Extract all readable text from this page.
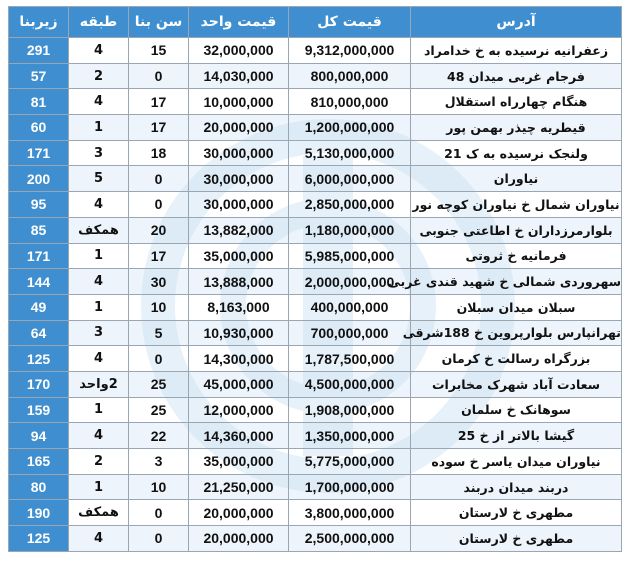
زیربنا	طبقه	سن بنا	قیمت واحد	قیمت کل	آدرس
291	4	15	32,000,000	9,312,000,000	زعفرانیه نرسیده به خ خدامراد
57	2	0	14,030,000	800,000,000	فرجام غربی میدان 48
81	4	17	10,000,000	810,000,000	هنگام چهارراه استقلال
60	1	17	20,000,000	1,200,000,000	قیطریه چیذر بهمن پور
171	3	18	30,000,000	5,130,000,000	ولنجک نرسیده به ک 21
200	5	0	30,000,000	6,000,000,000	نیاوران
95	4	0	30,000,000	2,850,000,000	نیاوران شمال خ نیاوران کوچه نور
85	همکف	20	13,882,000	1,180,000,000	بلوارمرزداران خ اطاعتی جنوبی
171	1	17	35,000,000	5,985,000,000	فرمانیه خ ثروتی
144	4	30	13,888,000	2,000,000,000	سهروردی شمالی خ شهید قندی غربی
49	1	10	8,163,000	400,000,000	سبلان میدان سبلان
64	3	5	10,930,000	700,000,000	تهرانپارس بلوارپروین خ 188شرقی
125	4	0	14,300,000	1,787,500,000	بزرگراه رسالت خ کرمان
170	2واحد	25	45,000,000	4,500,000,000	سعادت آباد شهرک مخابرات
159	1	25	12,000,000	1,908,000,000	سوهانک خ سلمان
94	4	22	14,360,000	1,350,000,000	گیشا بالاتر از خ 25
165	2	3	35,000,000	5,775,000,000	نیاوران میدان یاسر خ سوده
80	1	10	21,250,000	1,700,000,000	دربند میدان دربند
190	همکف	0	20,000,000	3,800,000,000	مطهری خ لارستان
125	4	0	20,000,000	2,500,000,000	مطهری خ لارستان
